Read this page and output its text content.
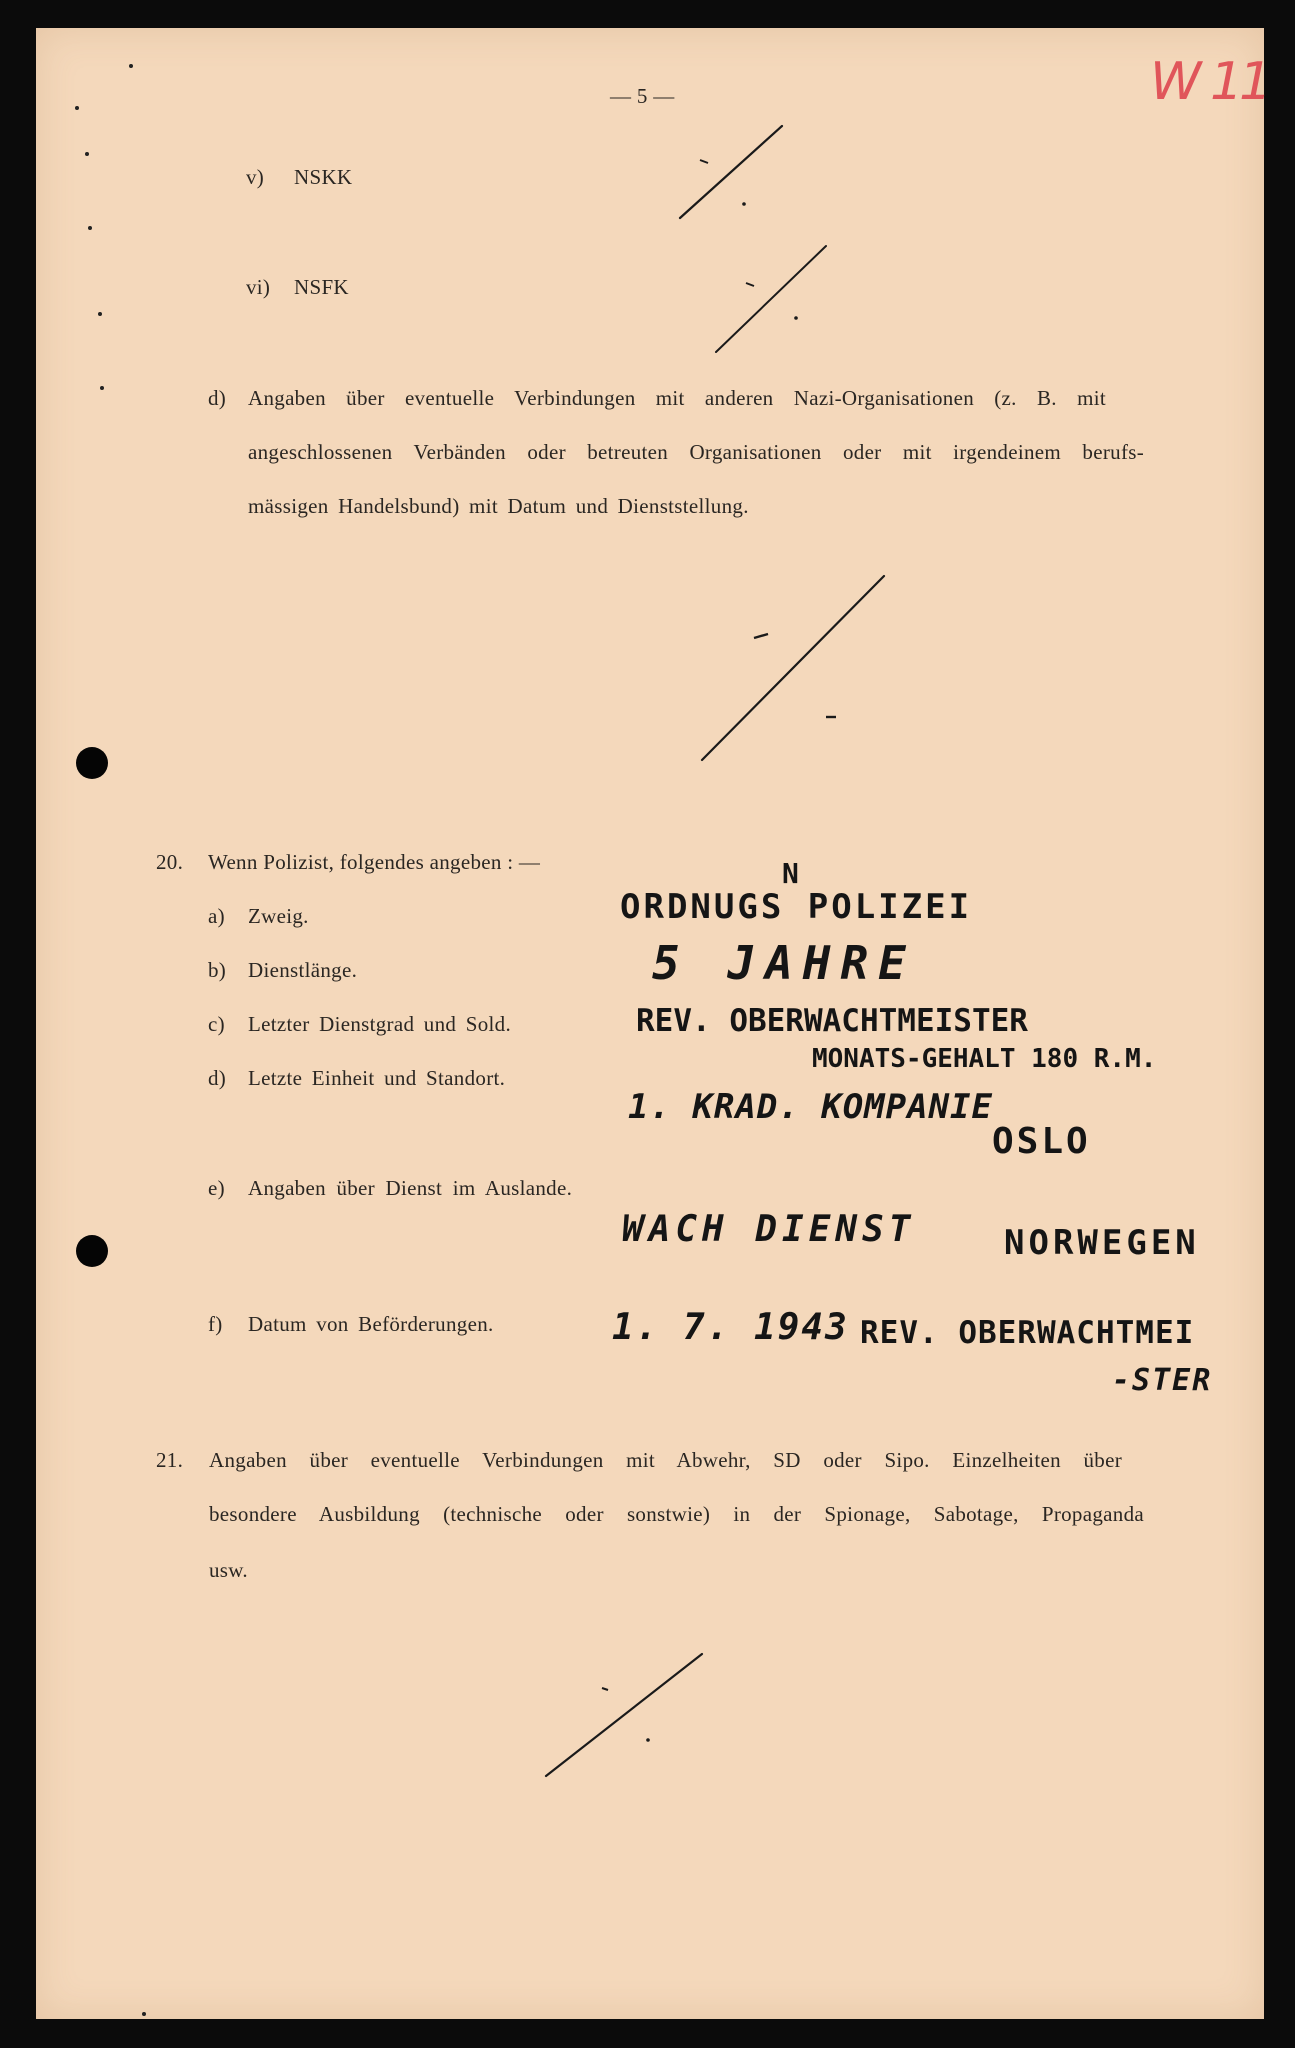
— 5 —	W 11
v) NSKK
vi) NSFK
d) Angaben über eventuelle Verbindungen mit anderen Nazi-Organisationen (z. B. mit
angeschlossenen Verbänden oder betreuten Organisationen oder mit irgendeinem berufs-
mässigen Handelsbund) mit Datum und Dienststellung.
20. Wenn Polizist, folgendes angeben : —
a) Zweig.
b) Dienstlänge.
c) Letzter Dienstgrad und Sold.
d) Letzte Einheit und Standort.
e) Angaben über Dienst im Auslande.
f) Datum von Beförderungen.
N
ORDNUGS POLIZEI
5 JAHRE
REV. OBERWACHTMEISTER
MONATS-GEHALT 180 R.M.
1. KRAD. KOMPANIE
OSLO
WACH DIENST	NORWEGEN
1. 7. 1943 REV. OBERWACHTMEI
-STER
21. Angaben über eventuelle Verbindungen mit Abwehr, SD oder Sipo. Einzelheiten über
besondere Ausbildung (technische oder sonstwie) in der Spionage, Sabotage, Propaganda
usw.
